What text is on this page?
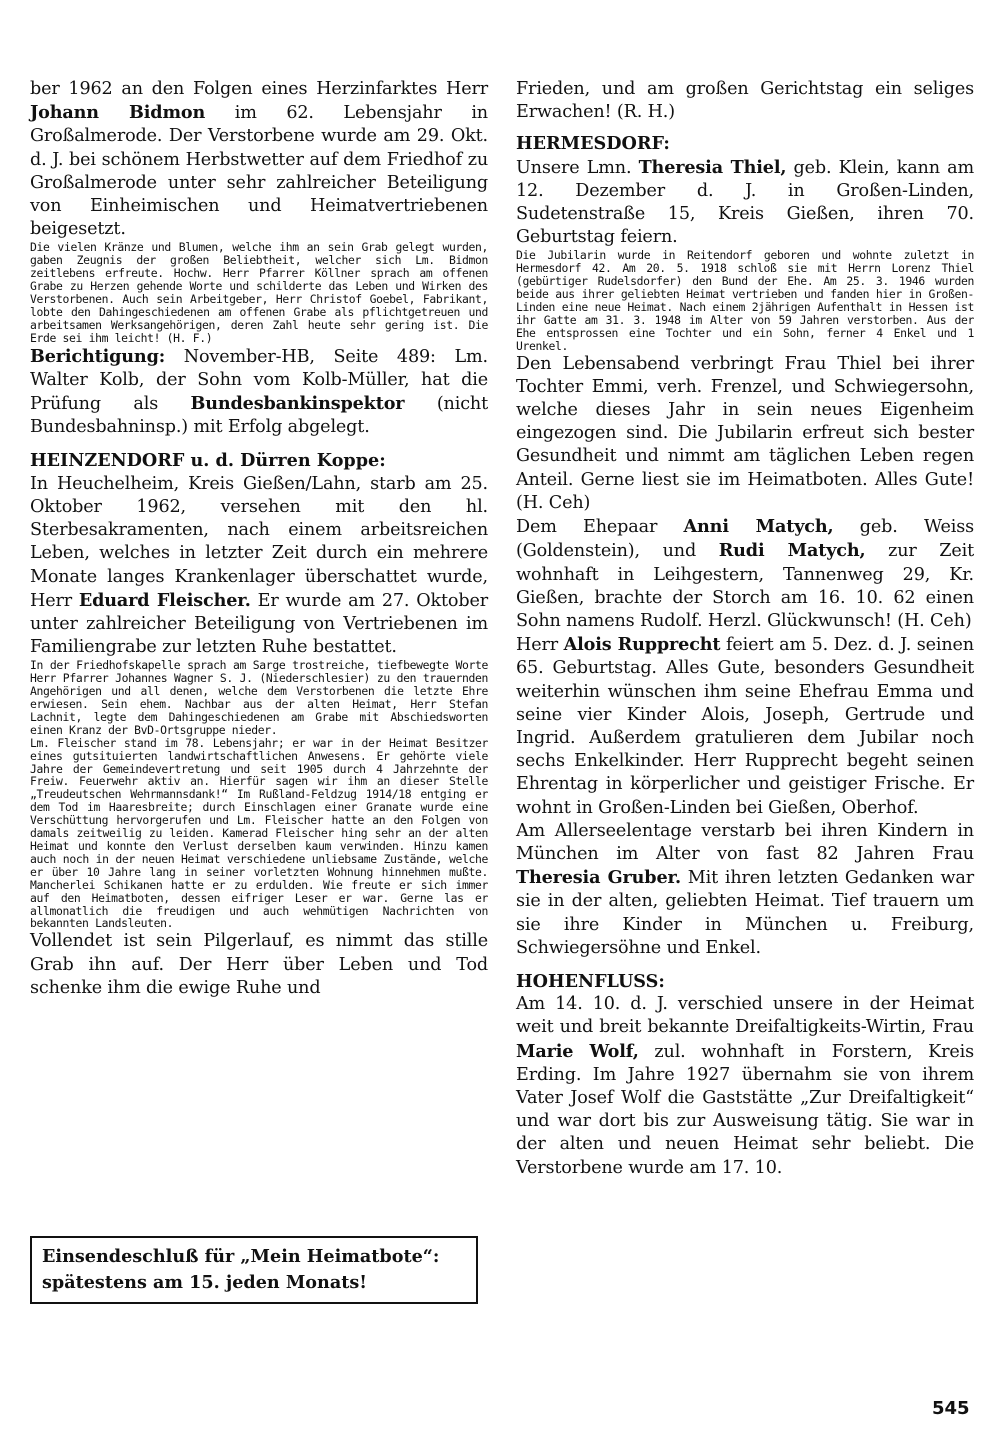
ber 1962 an den Folgen eines Herzinfarktes Herr Johann Bidmon im 62. Lebensjahr in Großalmerode. Der Verstorbene wurde am 29. Okt. d. J. bei schönem Herbstwetter auf dem Friedhof zu Großalmerode unter sehr zahlreicher Beteiligung von Einheimischen und Heimatvertriebenen beigesetzt.

Die vielen Kränze und Blumen, welche ihm an sein Grab gelegt wurden, gaben Zeugnis der großen Beliebtheit, welcher sich Lm. Bidmon zeitlebens erfreute. Hochw. Herr Pfarrer Köllner sprach am offenen Grabe zu Herzen gehende Worte und schilderte das Leben und Wirken des Verstorbenen. Auch sein Arbeitgeber, Herr Christof Goebel, Fabrikant, lobte den Dahingeschiedenen am offenen Grabe als pflichtgetreuen und arbeitsamen Werksangehörigen, deren Zahl heute sehr gering ist. Die Erde sei ihm leicht! (H. F.)

Berichtigung: November-HB, Seite 489: Lm. Walter Kolb, der Sohn vom Kolb-Müller, hat die Prüfung als Bundesbankinspektor (nicht Bundesbahninsp.) mit Erfolg abgelegt.

HEINZENDORF u. d. Dürren Koppe:

In Heuchelheim, Kreis Gießen/Lahn, starb am 25. Oktober 1962, versehen mit den hl. Sterbesakramenten, nach einem arbeitsreichen Leben, welches in letzter Zeit durch ein mehrere Monate langes Krankenlager überschattet wurde, Herr Eduard Fleischer. Er wurde am 27. Oktober unter zahlreicher Beteiligung von Vertriebenen im Familiengrabe zur letzten Ruhe bestattet.

In der Friedhofskapelle sprach am Sarge trostreiche, tiefbewegte Worte Herr Pfarrer Johannes Wagner S. J. (Niederschlesier) zu den trauernden Angehörigen und all denen, welche dem Verstorbenen die letzte Ehre erwiesen. Sein ehem. Nachbar aus der alten Heimat, Herr Stefan Lachnit, legte dem Dahingeschiedenen am Grabe mit Abschiedsworten einen Kranz der BvD-Ortsgruppe nieder.

Lm. Fleischer stand im 78. Lebensjahr; er war in der Heimat Besitzer eines gutsituierten landwirtschaftlichen Anwesens. Er gehörte viele Jahre der Gemeindevertretung und seit 1905 durch 4 Jahrzehnte der Freiw. Feuerwehr aktiv an. Hierfür sagen wir ihm an dieser Stelle „Treudeutschen Wehrmannsdank!“ Im Rußland-Feldzug 1914/18 entging er dem Tod im Haaresbreite; durch Einschlagen einer Granate wurde eine Verschüttung hervorgerufen und Lm. Fleischer hatte an den Folgen von damals zeitweilig zu leiden. Kamerad Fleischer hing sehr an der alten Heimat und konnte den Verlust derselben kaum verwinden. Hinzu kamen auch noch in der neuen Heimat verschiedene unliebsame Zustände, welche er über 10 Jahre lang in seiner vorletzten Wohnung hinnehmen mußte. Mancherlei Schikanen hatte er zu erdulden. Wie freute er sich immer auf den Heimatboten, dessen eifriger Leser er war. Gerne las er allmonatlich die freudigen und auch wehmütigen Nachrichten von bekannten Landsleuten.

Vollendet ist sein Pilgerlauf, es nimmt das stille Grab ihn auf. Der Herr über Leben und Tod schenke ihm die ewige Ruhe und

Einsendeschluß für „Mein Heimatbote“:
spätestens am 15. jeden Monats!

Frieden, und am großen Gerichtstag ein seliges Erwachen! (R. H.)

HERMESDORF:

Unsere Lmn. Theresia Thiel, geb. Klein, kann am 12. Dezember d. J. in Großen-Linden, Sudetenstraße 15, Kreis Gießen, ihren 70. Geburtstag feiern.

Die Jubilarin wurde in Reitendorf geboren und wohnte zuletzt in Hermesdorf 42. Am 20. 5. 1918 schloß sie mit Herrn Lorenz Thiel (gebürtiger Rudelsdorfer) den Bund der Ehe. Am 25. 3. 1946 wurden beide aus ihrer geliebten Heimat vertrieben und fanden hier in Großen-Linden eine neue Heimat. Nach einem 2jährigen Aufenthalt in Hessen ist ihr Gatte am 31. 3. 1948 im Alter von 59 Jahren verstorben. Aus der Ehe entsprossen eine Tochter und ein Sohn, ferner 4 Enkel und 1 Urenkel.

Den Lebensabend verbringt Frau Thiel bei ihrer Tochter Emmi, verh. Frenzel, und Schwiegersohn, welche dieses Jahr in sein neues Eigenheim eingezogen sind. Die Jubilarin erfreut sich bester Gesundheit und nimmt am täglichen Leben regen Anteil. Gerne liest sie im Heimatboten. Alles Gute! (H. Ceh)

Dem Ehepaar Anni Matych, geb. Weiss (Goldenstein), und Rudi Matych, zur Zeit wohnhaft in Leihgestern, Tannenweg 29, Kr. Gießen, brachte der Storch am 16. 10. 62 einen Sohn namens Rudolf. Herzl. Glückwunsch! (H. Ceh)

Herr Alois Rupprecht feiert am 5. Dez. d. J. seinen 65. Geburtstag. Alles Gute, besonders Gesundheit weiterhin wünschen ihm seine Ehefrau Emma und seine vier Kinder Alois, Joseph, Gertrude und Ingrid. Außerdem gratulieren dem Jubilar noch sechs Enkelkinder. Herr Rupprecht begeht seinen Ehrentag in körperlicher und geistiger Frische. Er wohnt in Großen-Linden bei Gießen, Oberhof.

Am Allerseelentage verstarb bei ihren Kindern in München im Alter von fast 82 Jahren Frau Theresia Gruber. Mit ihren letzten Gedanken war sie in der alten, geliebten Heimat. Tief trauern um sie ihre Kinder in München u. Freiburg, Schwiegersöhne und Enkel.

HOHENFLUSS:

Am 14. 10. d. J. verschied unsere in der Heimat weit und breit bekannte Dreifaltigkeits-Wirtin, Frau Marie Wolf, zul. wohnhaft in Forstern, Kreis Erding. Im Jahre 1927 übernahm sie von ihrem Vater Josef Wolf die Gaststätte „Zur Dreifaltigkeit“ und war dort bis zur Ausweisung tätig. Sie war in der alten und neuen Heimat sehr beliebt. Die Verstorbene wurde am 17. 10.

545
